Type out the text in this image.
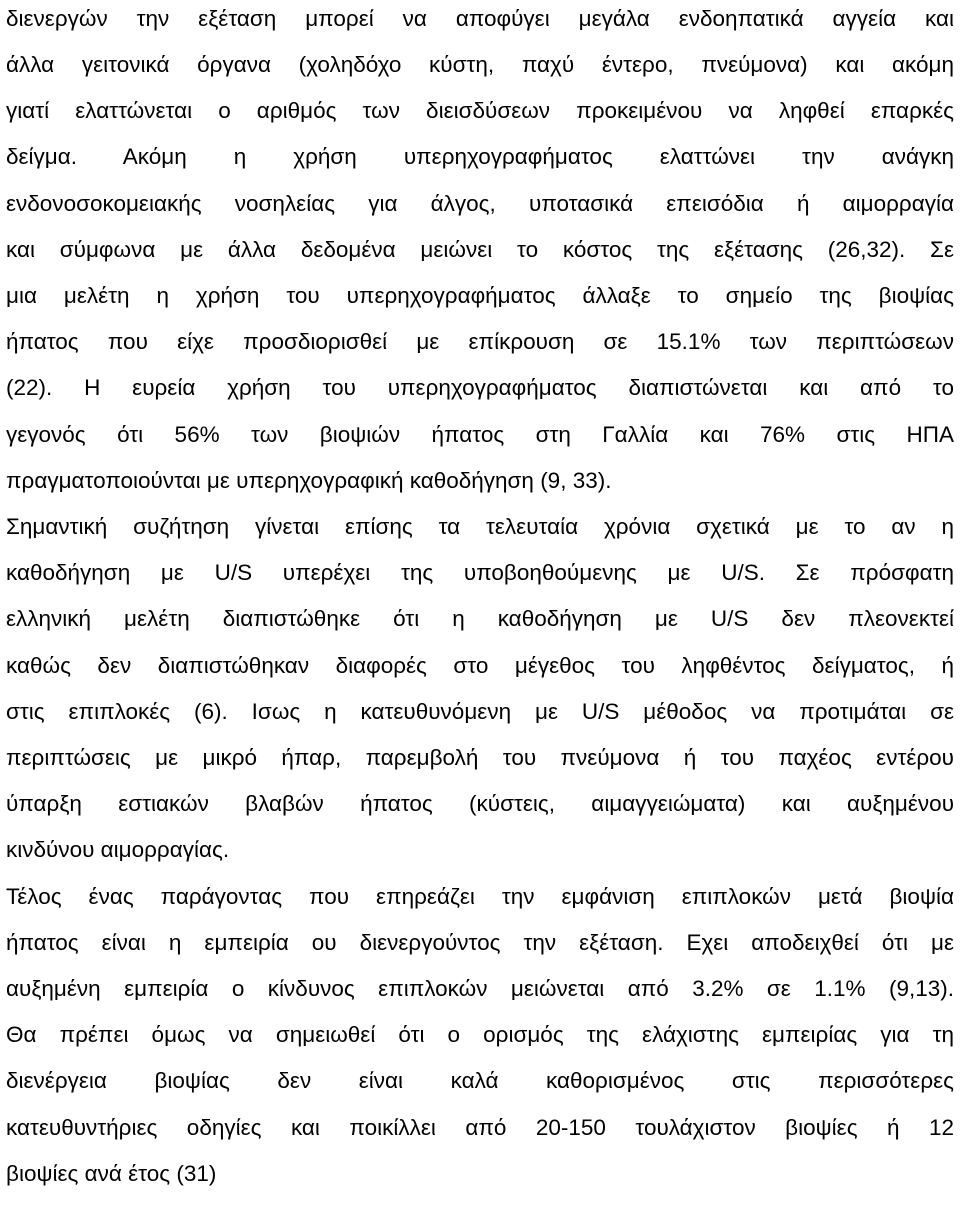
διενεργών την εξέταση μπορεί να αποφύγει μεγάλα ενδοηπατικά αγγεία και
άλλα γειτονικά όργανα (χοληδόχο κύστη, παχύ έντερο, πνεύμονα) και ακόμη
γιατί ελαττώνεται ο αριθμός των διεισδύσεων προκειμένου να ληφθεί επαρκές
δείγμα. Ακόμη η χρήση υπερηχογραφήματος ελαττώνει την ανάγκη
ενδονοσοκομειακής νοσηλείας για άλγος, υποτασικά επεισόδια ή αιμορραγία
και σύμφωνα με άλλα δεδομένα μειώνει το κόστος της εξέτασης (26,32). Σε
μια μελέτη η χρήση του υπερηχογραφήματος άλλαξε το σημείο της βιοψίας
ήπατος που είχε προσδιορισθεί με επίκρουση σε 15.1% των περιπτώσεων
(22). Η ευρεία χρήση του υπερηχογραφήματος διαπιστώνεται και από το
γεγονός ότι 56% των βιοψιών ήπατος στη Γαλλία και 76% στις ΗΠΑ
πραγματοποιούνται με υπερηχογραφική καθοδήγηση (9, 33).
Σημαντική συζήτηση γίνεται επίσης τα τελευταία χρόνια σχετικά με το αν η
καθοδήγηση με U/S υπερέχει της υποβοηθούμενης με U/S. Σε πρόσφατη
ελληνική μελέτη διαπιστώθηκε ότι η καθοδήγηση με U/S δεν πλεονεκτεί
καθώς δεν διαπιστώθηκαν διαφορές στο μέγεθος του ληφθέντος δείγματος, ή
στις επιπλοκές (6). Ισως η κατευθυνόμενη με U/S μέθοδος να προτιμάται σε
περιπτώσεις με μικρό ήπαρ, παρεμβολή του πνεύμονα ή του παχέος εντέρου
ύπαρξη εστιακών βλαβών ήπατος (κύστεις, αιμαγγειώματα) και αυξημένου
κινδύνου αιμορραγίας.
Τέλος ένας παράγοντας που επηρεάζει την εμφάνιση επιπλοκών μετά βιοψία
ήπατος είναι η εμπειρία ου διενεργούντος την εξέταση. Εχει αποδειχθεί ότι με
αυξημένη εμπειρία ο κίνδυνος επιπλοκών μειώνεται από 3.2% σε 1.1% (9,13).
Θα πρέπει όμως να σημειωθεί ότι ο ορισμός της ελάχιστης εμπειρίας για τη
διενέργεια βιοψίας δεν είναι καλά καθορισμένος στις περισσότερες
κατευθυντήριες οδηγίες και ποικίλλει από 20-150 τουλάχιστον βιοψίες ή 12
βιοψίες ανά έτος (31)
